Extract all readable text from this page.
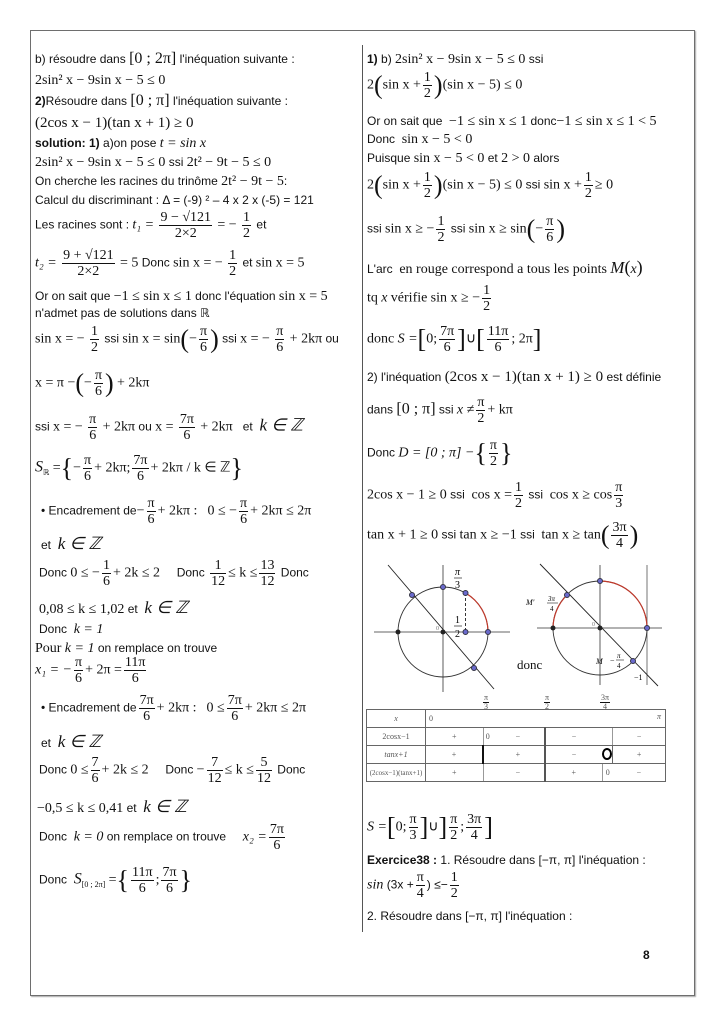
b) résoudre dans [0 ; 2π] l'inéquation suivante :
2sin² x − 9sin x − 5 ≤ 0
2)Résoudre dans [0 ; π] l'inéquation suivante :
(2cos x − 1)(tan x + 1) ≥ 0
solution: 1) a)on pose t = sin x
2sin² x − 9sin x − 5 ≤ 0 ssi 2t² − 9t − 5 ≤ 0
On cherche les racines du trinôme 2t² − 9t − 5:
Calcul du discriminant : Δ = (-9) ² – 4 x 2 x (-5) = 121
Les racines sont : $t_1 = \frac{9 - √121}{2\times 2}$ = − $\frac{1}{2}$ et
$t_2 = \frac{9 + √121}{2\times 2} = 5$ Donc sin x = − $\frac{1}{2}$ et sin x = 5
Or on sait que −1 ≤ sin x ≤ 1 donc l'équation sin x = 5
n'admet pas de solutions dans ℝ
sin x = − $\frac{1}{2}$ ssi $\sin x = \sin(- \frac{\pi}{6}$ ) ssi x = − $\frac{\pi}{6} + 2k\pi$ ou
x = π −(− $\frac{\pi}{6}$ ) + 2kπ
ssi x = − $\frac{\pi}{6} + 2k\pi$ ou $x = \frac{7\pi}{6} + 2k\pi$ et k ∈ ℤ
$S_ℝ$ ={− $\frac{\pi}{6} + 2k\pi$; $\frac{7\pi}{6} + 2k\pi / k$ ∈ ℤ}
• Encadrement $de- \frac{\pi}{6} + 2k\pi$ : 0 ≤ − $\frac{\pi}{6} + 2k\pi \le 2\pi$
et k ∈ ℤ
Donc 0 ≤ − $\frac{1}{6} + 2k \le 2$ Donc $\frac{1}{12} \le k \le \frac{13}{12}$ Donc
0,08 ≤ k ≤ 1,02 et k ∈ ℤ
Donc k = 1
Pour k = 1 on remplace on trouve
x₁ = − $\frac{\pi}{6} + 2\pi = \frac{11\pi}{6}$
• Encadrement de $\frac{7\pi}{6} + 2k\pi$ : $0 \le \frac{7\pi}{6} + 2k\pi \le 2\pi$
et k ∈ ℤ
Donc $0 \le \frac{7}{6} + 2k \le 2$ Donc − $\frac{7}{12} \le k \le \frac{5}{12}$ Donc
−0,5 ≤ k ≤ 0,41 et k ∈ ℤ
Donc k = 0 on remplace on trouve $x_2 = \frac{7\pi}{6}$
Donc $S_{[0 ; 2\pi]}$ ={ $\frac{11\pi}{6}$ ; $\frac{7\pi}{6}$ }
1) b) 2sin² x − 9sin x − 5 ≤ 0 ssi
2(sin $x + \frac{1}{2} )(\sin$ x − 5) ≤ 0
Or on sait que −1 ≤ sin x ≤ 1 donc−1 ≤ sin x ≤ 1 < 5
Donc sin x − 5 < 0
Puisque sin x − 5 < 0 et 2 > 0 alors
2(sin $x + \frac{1}{2} )(\sin$ x − 5) ≤ 0 ssi $\sin x + \frac{1}{2} \ge 0$
ssi sin x ≥ − $\frac{1}{2}$ ssi $\sin x \ge \sin(- \frac{\pi}{6}$ )
L'arc en rouge correspond a tous les points M(x)
tq x vérifie sin x ≥ − $\frac{1}{2}$
donc S =[0; $\frac{7\pi}{6}$ ]∪[ $\frac{11\pi}{6}$ ; 2π]
2) l'inéquation (2cos x − 1)(tan x + 1) ≥ 0 est définie
dans [0 ; π] ssi $x \ne \frac{\pi}{2} + k\pi$
Donc D = [0 ; π] −{ $\frac{\pi}{2}$ }
2cos x − 1 ≥ 0 ssi $\cos x = \frac{1}{2}$ ssi $\cos x \ge \cos \frac{\pi}{3}$
tan x + 1 ≥ 0 ssi tan x ≥ −1 ssi $\tan x \ge \tan( \frac{3\pi}{4}$ )
π
3
1
2
0
M' 3π
4
M − π
4
−1
0
donc
$\frac{\pi}{3}$	$\frac{\pi}{2}$	$\frac{3\pi}{4}$
x	0 π					

2cosx−1	+	0	−	−		−
tanx+1	+		+	−		+
(2cosx−1)(tanx+1)	+		−	+	0	−
S =[0; $\frac{\pi}{3}$ ]∪] $\frac{\pi}{2}$ ; $\frac{3\pi}{4}$ ]
Exercice38 : 1. Résoudre dans [−π, π] l'inéquation :
$\sin (3x + \frac{\pi}{4}$ ) ≤− $\frac{1}{2}$
2. Résoudre dans [−π, π] l'inéquation :
8
